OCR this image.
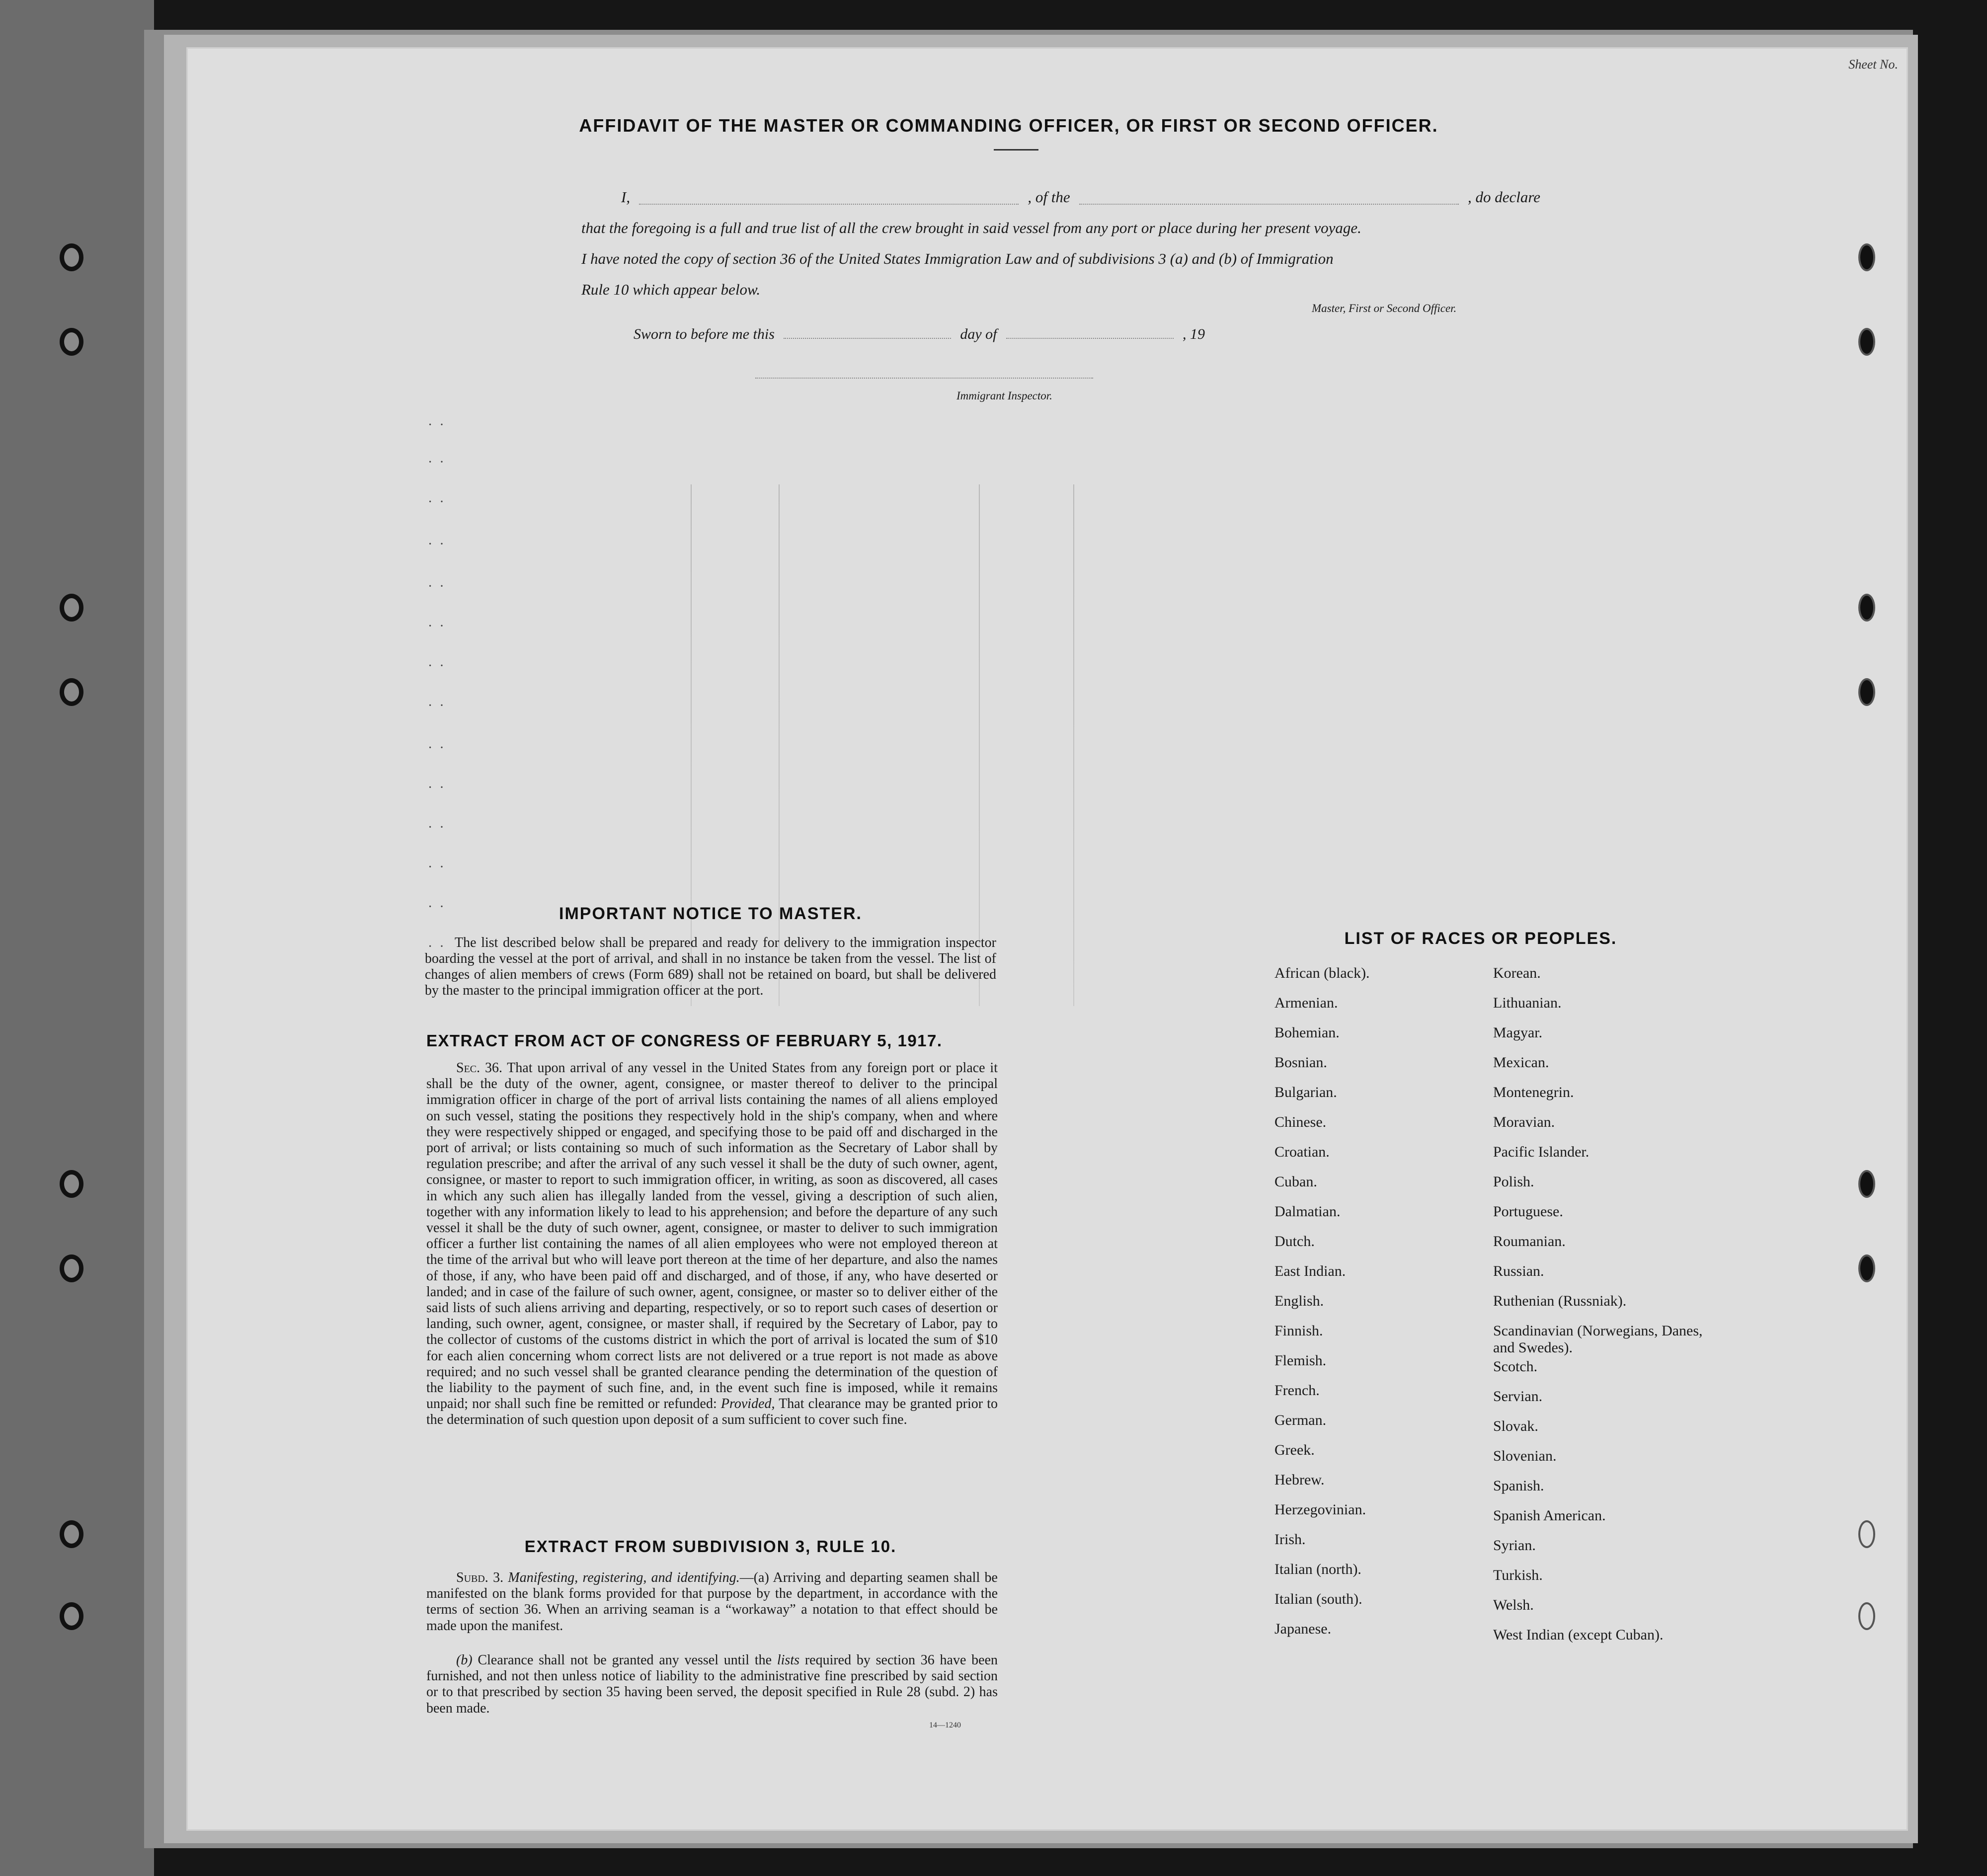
Sheet No.
·  ·
·  ·
·  ·
·  ·
·  ·
·  ·
·  ·
·  ·
·  ·
·  ·
·  ·
·  ·
·  ·
·  ·
AFFIDAVIT OF THE MASTER OR COMMANDING OFFICER, OR FIRST OR SECOND OFFICER.
I,	, of the	, do declare
that the foregoing is a full and true list of all the crew brought in said vessel from any port or place during her present voyage.
I have noted the copy of section 36 of the United States Immigration Law and of subdivisions 3 (a) and (b) of Immigration
Rule 10 which appear below.
Master, First or Second Officer.
Sworn to before me this	day of	, 19
Immigrant Inspector.
IMPORTANT NOTICE TO MASTER.
The list described below shall be prepared and ready for delivery to the immigration inspector boarding the vessel at the port of arrival, and shall in no instance be taken from the vessel. The list of changes of alien members of crews (Form 689) shall not be retained on board, but shall be delivered by the master to the principal immigration officer at the port.
EXTRACT FROM ACT OF CONGRESS OF FEBRUARY 5, 1917.
Sec. 36. That upon arrival of any vessel in the United States from any foreign port or place it shall be the duty of the owner, agent, consignee, or master thereof to deliver to the principal immigration officer in charge of the port of arrival lists containing the names of all aliens employed on such vessel, stating the positions they respectively hold in the ship's company, when and where they were respectively shipped or engaged, and specifying those to be paid off and discharged in the port of arrival; or lists containing so much of such information as the Secretary of Labor shall by regulation prescribe; and after the arrival of any such vessel it shall be the duty of such owner, agent, consignee, or master to report to such immigration officer, in writing, as soon as discovered, all cases in which any such alien has illegally landed from the vessel, giving a description of such alien, together with any information likely to lead to his apprehension; and before the departure of any such vessel it shall be the duty of such owner, agent, consignee, or master to deliver to such immigration officer a further list containing the names of all alien employees who were not employed thereon at the time of the arrival but who will leave port thereon at the time of her departure, and also the names of those, if any, who have been paid off and discharged, and of those, if any, who have deserted or landed; and in case of the failure of such owner, agent, consignee, or master so to deliver either of the said lists of such aliens arriving and departing, respectively, or so to report such cases of desertion or landing, such owner, agent, consignee, or master shall, if required by the Secretary of Labor, pay to the collector of customs of the customs district in which the port of arrival is located the sum of $10 for each alien concerning whom correct lists are not delivered or a true report is not made as above required; and no such vessel shall be granted clearance pending the determination of the question of the liability to the payment of such fine, and, in the event such fine is imposed, while it remains unpaid; nor shall such fine be remitted or refunded: Provided, That clearance may be granted prior to the determination of such question upon deposit of a sum sufficient to cover such fine.
EXTRACT FROM SUBDIVISION 3, RULE 10.
Subd. 3. Manifesting, registering, and identifying.—(a) Arriving and departing seamen shall be manifested on the blank forms provided for that purpose by the department, in accordance with the terms of section 36. When an arriving seaman is a “workaway” a notation to that effect should be made upon the manifest.
(b) Clearance shall not be granted any vessel until the lists required by section 36 have been furnished, and not then unless notice of liability to the administrative fine prescribed by said section or to that prescribed by section 35 having been served, the deposit specified in Rule 28 (subd. 2) has been made.
14—1240
LIST OF RACES OR PEOPLES.
African (black).
Armenian.
Bohemian.
Bosnian.
Bulgarian.
Chinese.
Croatian.
Cuban.
Dalmatian.
Dutch.
East Indian.
English.
Finnish.
Flemish.
French.
German.
Greek.
Hebrew.
Herzegovinian.
Irish.
Italian (north).
Italian (south).
Japanese.
Korean.
Lithuanian.
Magyar.
Mexican.
Montenegrin.
Moravian.
Pacific Islander.
Polish.
Portuguese.
Roumanian.
Russian.
Ruthenian (Russniak).
Scandinavian (Norwegians, Danes, and Swedes).
Scotch.
Servian.
Slovak.
Slovenian.
Spanish.
Spanish American.
Syrian.
Turkish.
Welsh.
West Indian (except Cuban).
